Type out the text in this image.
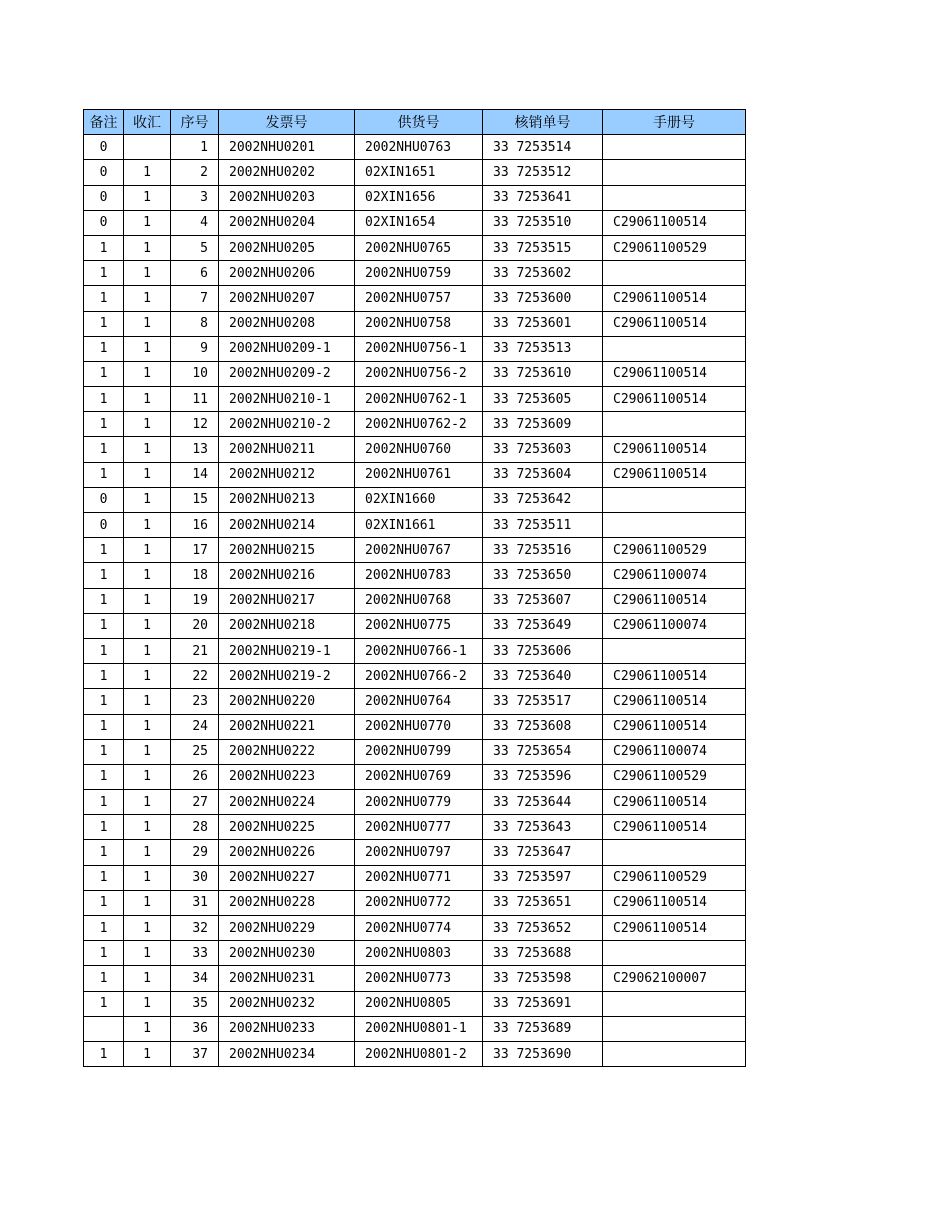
备注	收汇	序号	发票号	供货号	核销单号	手册号
0		1	2002NHU0201	2002NHU0763	33 7253514	
0	1	2	2002NHU0202	02XIN1651	33 7253512	
0	1	3	2002NHU0203	02XIN1656	33 7253641	
0	1	4	2002NHU0204	02XIN1654	33 7253510	C29061100514
1	1	5	2002NHU0205	2002NHU0765	33 7253515	C29061100529
1	1	6	2002NHU0206	2002NHU0759	33 7253602	
1	1	7	2002NHU0207	2002NHU0757	33 7253600	C29061100514
1	1	8	2002NHU0208	2002NHU0758	33 7253601	C29061100514
1	1	9	2002NHU0209-1	2002NHU0756-1	33 7253513	
1	1	10	2002NHU0209-2	2002NHU0756-2	33 7253610	C29061100514
1	1	11	2002NHU0210-1	2002NHU0762-1	33 7253605	C29061100514
1	1	12	2002NHU0210-2	2002NHU0762-2	33 7253609	
1	1	13	2002NHU0211	2002NHU0760	33 7253603	C29061100514
1	1	14	2002NHU0212	2002NHU0761	33 7253604	C29061100514
0	1	15	2002NHU0213	02XIN1660	33 7253642	
0	1	16	2002NHU0214	02XIN1661	33 7253511	
1	1	17	2002NHU0215	2002NHU0767	33 7253516	C29061100529
1	1	18	2002NHU0216	2002NHU0783	33 7253650	C29061100074
1	1	19	2002NHU0217	2002NHU0768	33 7253607	C29061100514
1	1	20	2002NHU0218	2002NHU0775	33 7253649	C29061100074
1	1	21	2002NHU0219-1	2002NHU0766-1	33 7253606	
1	1	22	2002NHU0219-2	2002NHU0766-2	33 7253640	C29061100514
1	1	23	2002NHU0220	2002NHU0764	33 7253517	C29061100514
1	1	24	2002NHU0221	2002NHU0770	33 7253608	C29061100514
1	1	25	2002NHU0222	2002NHU0799	33 7253654	C29061100074
1	1	26	2002NHU0223	2002NHU0769	33 7253596	C29061100529
1	1	27	2002NHU0224	2002NHU0779	33 7253644	C29061100514
1	1	28	2002NHU0225	2002NHU0777	33 7253643	C29061100514
1	1	29	2002NHU0226	2002NHU0797	33 7253647	
1	1	30	2002NHU0227	2002NHU0771	33 7253597	C29061100529
1	1	31	2002NHU0228	2002NHU0772	33 7253651	C29061100514
1	1	32	2002NHU0229	2002NHU0774	33 7253652	C29061100514
1	1	33	2002NHU0230	2002NHU0803	33 7253688	
1	1	34	2002NHU0231	2002NHU0773	33 7253598	C29062100007
1	1	35	2002NHU0232	2002NHU0805	33 7253691	
	1	36	2002NHU0233	2002NHU0801-1	33 7253689	
1	1	37	2002NHU0234	2002NHU0801-2	33 7253690	
